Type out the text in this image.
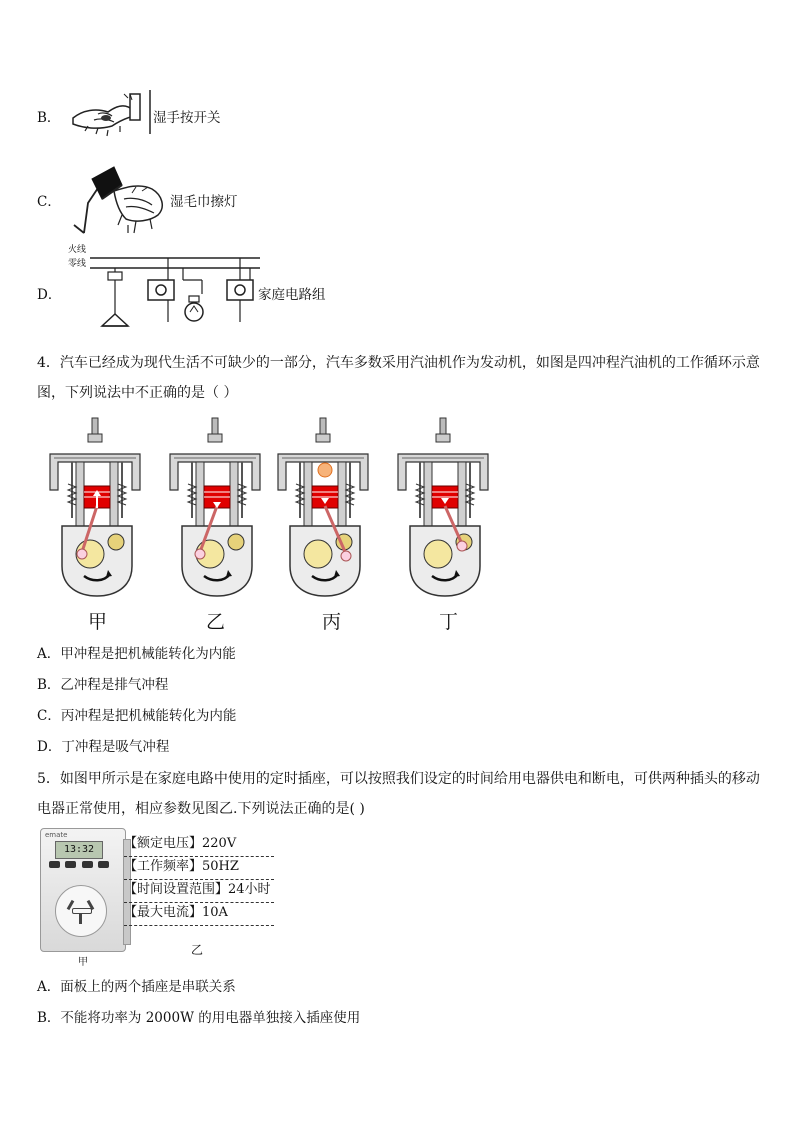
B．	湿手按开关
C．	湿毛巾擦灯
D．
火线
零线
家庭电路组
4．汽车已经成为现代生活不可缺少的一部分，汽车多数采用汽油机作为发动机，如图是四冲程汽油机的工作循环示意
图，下列说法中不正确的是（ ）
甲	乙	丙	丁
A．甲冲程是把机械能转化为内能
B．乙冲程是排气冲程
C．丙冲程是把机械能转化为内能
D．丁冲程是吸气冲程
5．如图甲所示是在家庭电路中使用的定时插座，可以按照我们设定的时间给用电器供电和断电，可供两种插头的移动
电器正常使用，相应参数见图乙.下列说法正确的是( )
emate
13:32
甲
【额定电压】220V
【工作频率】50HZ
【时间设置范围】24小时
【最大电流】10A
乙
A．面板上的两个插座是串联关系
B．不能将功率为 2000W 的用电器单独接入插座使用
